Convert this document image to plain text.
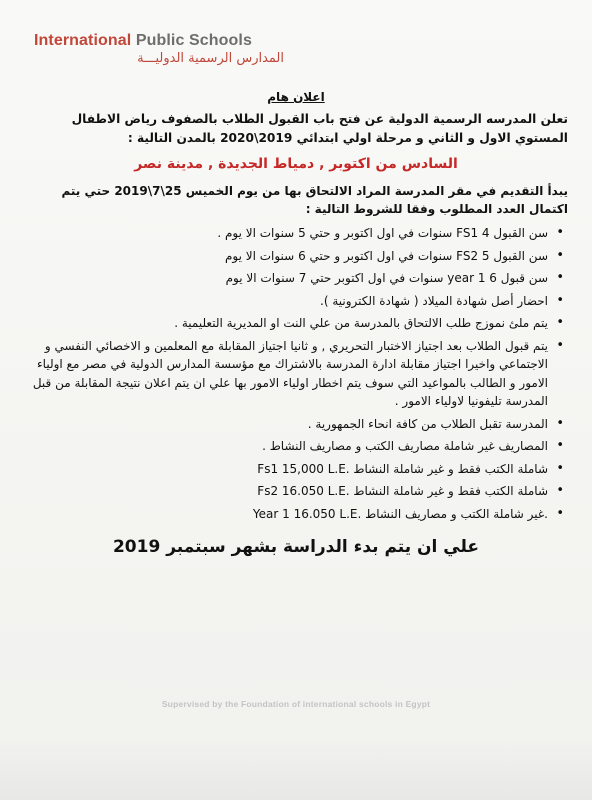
International Public Schools
المدارس الرسمية الدوليـــة
اعلان هام
تعلن المدرسه الرسمية الدولية عن فتح باب القبول الطلاب بالصفوف رياض الاطفال المستوي الاول و الثاني و مرحلة اولي ابتدائي 2019\2020 بالمدن التالية :
السادس من اكتوبر , دمياط الجديدة , مدينة نصر
يبدأ التقديم في مقر المدرسة المراد الالتحاق بها من يوم الخميس 25\7\2019 حتي يتم اكتمال العدد المطلوب وفقا للشروط التالية :
• سن القبول FS1 4 سنوات في اول اكتوبر و حتي 5 سنوات الا يوم .
• سن القبول FS2 5 سنوات في اول اكتوبر و حتي 6 سنوات الا يوم
• سن قبول year 1 6 سنوات في اول اكتوبر حتي 7 سنوات الا يوم
• احضار أصل شهادة الميلاد ( شهادة الكترونية ).
• يتم ملئ نموزج طلب الالتحاق بالمدرسة من علي النت او المديرية التعليمية .
• يتم قبول الطلاب بعد اجتياز الاختبار التحريري , و ثانيا اجتياز المقابلة مع المعلمين و الاخصائي النفسي و الاجتماعي واخيرا اجتياز مقابلة ادارة المدرسة بالاشتراك مع مؤسسة المدارس الدولية في مصر مع اولياء الامور و الطالب بالمواعيد التي سوف يتم اخطار اولياء الامور بها علي ان يتم اعلان نتيجة المقابلة من قبل المدرسة تليفونيا لاولياء الامور .
• المدرسة تقبل الطلاب من كافة انحاء الجمهورية .
• المصاريف غير شاملة مصاريف الكتب و مصاريف النشاط .
• Fs1 15,000 L.E. شاملة الكتب فقط و غير شاملة النشاط
• Fs2 16.050 L.E. شاملة الكتب فقط و غير شاملة النشاط
• Year 1 16.050 L.E. غير شاملة الكتب و مصاريف النشاط.
علي ان يتم بدء الدراسة بشهر سبتمبر 2019
Supervised by the Foundation of international schools in Egypt
